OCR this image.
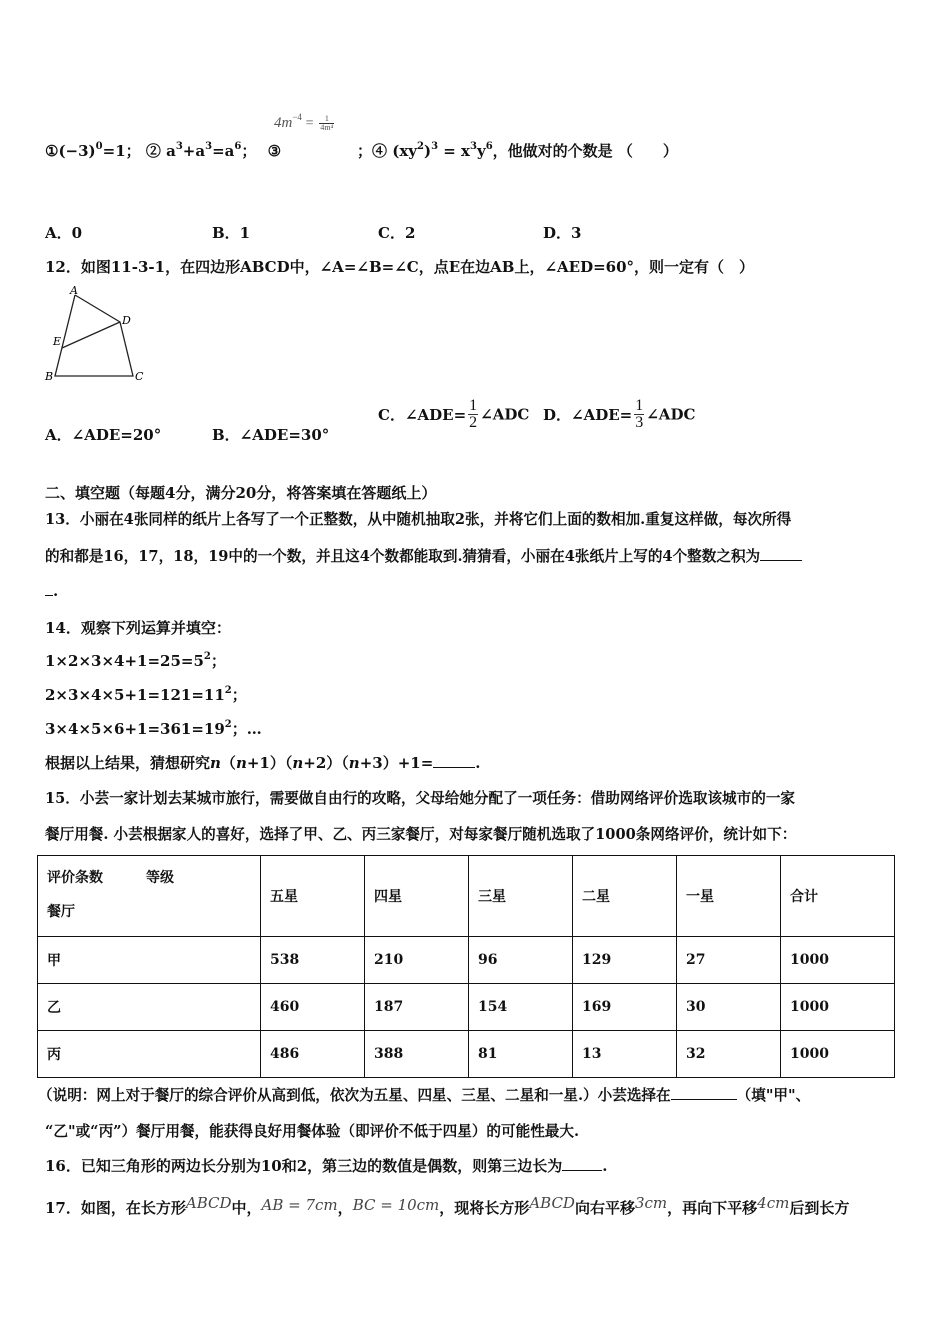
$4m^{-4} = \frac{1}{\text{4m⁴}}$
$①(-3)^0=1$； ② $a^3+a^3=a^6$； ③	；④ $(xy^2)^3 = x^3y^6$，他做对的个数是 （　　）
A．0	B．1	C．2	D．3
12．如图11-3-1，在四边形ABCD中，∠A=∠B=∠C，点E在边AB上，∠AED=60°，则一定有（　）
A
D
E
B	C
A．∠ADE=20°	B．∠ADE=30°
C．∠ADE= $\frac{1}{2}$ ∠ADC D．∠ADE= $\frac{1}{3}$ ∠ADC
二、填空题（每题4分，满分20分，将答案填在答题纸上）
13．小丽在4张同样的纸片上各写了一个正整数，从中随机抽取2张，并将它们上面的数相加.重复这样做，每次所得
的和都是16，17，18，19中的一个数，并且这4个数都能取到.猜猜看，小丽在4张纸片上写的4个整数之积为
.
14．观察下列运算并填空：
$1\times 2\times 3\times 4+1=25=5^2$；
$2\times 3\times 4\times 5+1=121=11^2$；
$3\times 4\times 5\times 6+1=361=19^2$；…
根据以上结果，猜想研究n（n+1）（n+2）（n+3）+1=	.
15．小芸一家计划去某城市旅行，需要做自由行的攻略，父母给她分配了一项任务：借助网络评价选取该城市的一家
餐厅用餐. 小芸根据家人的喜好，选择了甲、乙、丙三家餐厅，对每家餐厅随机选取了1000条网络评价，统计如下：
评价条数 等级
餐厅	五星	四星	三星	二星	一星	合计
甲	538	210	96	129	27	1000
乙	460	187	154	169	30	1000
丙	486	388	81	13	32	1000
（说明：网上对于餐厅的综合评价从高到低，依次为五星、四星、三星、二星和一星.）小芸选择在	（填"甲"、
“乙"或“丙”）餐厅用餐，能获得良好用餐体验（即评价不低于四星）的可能性最大.
16．已知三角形的两边长分别为10和2，第三边的数值是偶数，则第三边长为	.
17．如图，在长方形ABCD中，AB = 7cm，BC = 10cm，现将长方形ABCD向右平移3cm，再向下平移4cm后到长方
